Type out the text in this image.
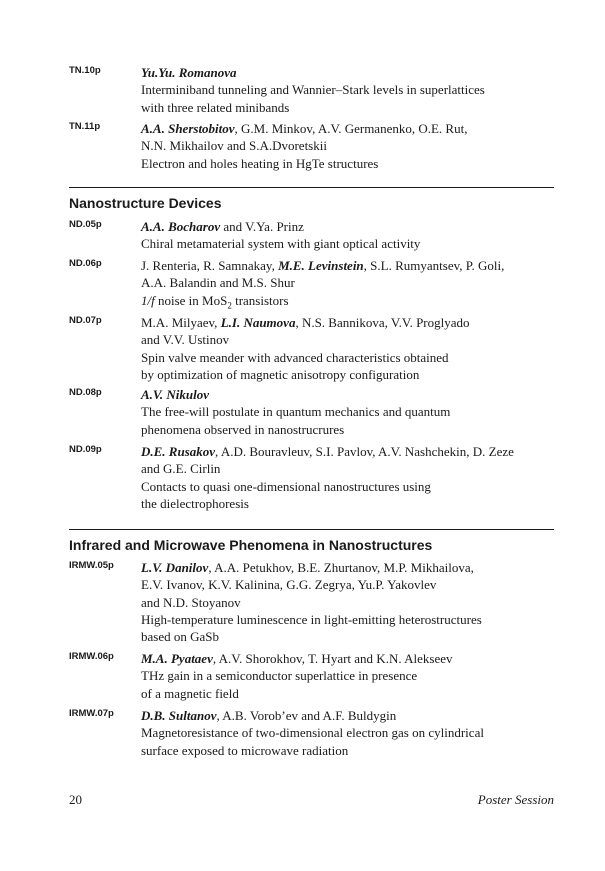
TN.10p	Yu.Yu. Romanova
Interminiband tunneling and Wannier–Stark levels in superlattices
with three related minibands
TN.11p	A.A. Sherstobitov, G.M. Minkov, A.V. Germanenko, O.E. Rut,
N.N. Mikhailov and S.A.Dvoretskii
Electron and holes heating in HgTe structures
Nanostructure Devices
ND.05p	A.A. Bocharov and V.Ya. Prinz
Chiral metamaterial system with giant optical activity
ND.06p	J. Renteria, R. Samnakay, M.E. Levinstein, S.L. Rumyantsev, P. Goli,
A.A. Balandin and M.S. Shur
1/f noise in MoS$_2$ transistors
ND.07p	M.A. Milyaev, L.I. Naumova, N.S. Bannikova, V.V. Proglyado
and V.V. Ustinov
Spin valve meander with advanced characteristics obtained
by optimization of magnetic anisotropy configuration
ND.08p	A.V. Nikulov
The free-will postulate in quantum mechanics and quantum
phenomena observed in nanostrucrures
ND.09p	D.E. Rusakov, A.D. Bouravleuv, S.I. Pavlov, A.V. Nashchekin, D. Zeze
and G.E. Cirlin
Contacts to quasi one-dimensional nanostructures using
the dielectrophoresis
Infrared and Microwave Phenomena in Nanostructures
IRMW.05p L.V. Danilov, A.A. Petukhov, B.E. Zhurtanov, M.P. Mikhailova,
E.V. Ivanov, K.V. Kalinina, G.G. Zegrya, Yu.P. Yakovlev
and N.D. Stoyanov
High-temperature luminescence in light-emitting heterostructures
based on GaSb
IRMW.06p M.A. Pyataev, A.V. Shorokhov, T. Hyart and K.N. Alekseev
THz gain in a semiconductor superlattice in presence
of a magnetic field
IRMW.07p D.B. Sultanov, A.B. Vorob’ev and A.F. Buldygin
Magnetoresistance of two-dimensional electron gas on cylindrical
surface exposed to microwave radiation
20	Poster Session
